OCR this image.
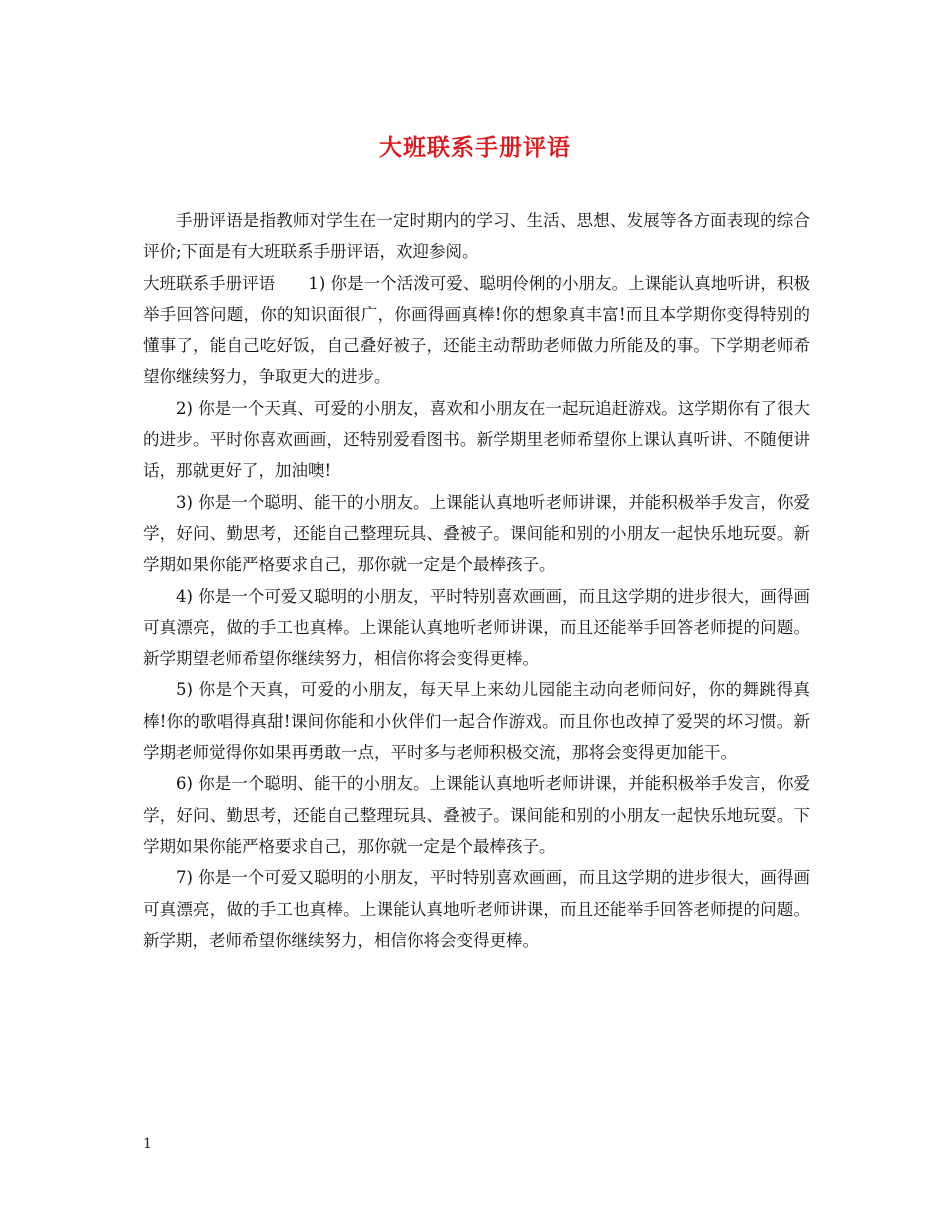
大班联系手册评语

手册评语是指教师对学生在一定时期内的学习、生活、思想、发展等各方面表现的综合评价;下面是有大班联系手册评语，欢迎参阅。

大班联系手册评语　　1) 你是一个活泼可爱、聪明伶俐的小朋友。上课能认真地听讲，积极举手回答问题，你的知识面很广，你画得画真棒!你的想象真丰富!而且本学期你变得特别的懂事了，能自己吃好饭，自己叠好被子，还能主动帮助老师做力所能及的事。下学期老师希望你继续努力，争取更大的进步。

2) 你是一个天真、可爱的小朋友，喜欢和小朋友在一起玩追赶游戏。这学期你有了很大的进步。平时你喜欢画画，还特别爱看图书。新学期里老师希望你上课认真听讲、不随便讲话，那就更好了，加油噢!

3) 你是一个聪明、能干的小朋友。上课能认真地听老师讲课，并能积极举手发言，你爱学，好问、勤思考，还能自己整理玩具、叠被子。课间能和别的小朋友一起快乐地玩耍。新学期如果你能严格要求自己，那你就一定是个最棒孩子。

4) 你是一个可爱又聪明的小朋友，平时特别喜欢画画，而且这学期的进步很大，画得画可真漂亮，做的手工也真棒。上课能认真地听老师讲课，而且还能举手回答老师提的问题。新学期望老师希望你继续努力，相信你将会变得更棒。

5) 你是个天真，可爱的小朋友，每天早上来幼儿园能主动向老师问好，你的舞跳得真棒!你的歌唱得真甜!课间你能和小伙伴们一起合作游戏。而且你也改掉了爱哭的坏习惯。新学期老师觉得你如果再勇敢一点，平时多与老师积极交流，那将会变得更加能干。

6) 你是一个聪明、能干的小朋友。上课能认真地听老师讲课，并能积极举手发言，你爱学，好问、勤思考，还能自己整理玩具、叠被子。课间能和别的小朋友一起快乐地玩耍。下学期如果你能严格要求自己，那你就一定是个最棒孩子。

7) 你是一个可爱又聪明的小朋友，平时特别喜欢画画，而且这学期的进步很大，画得画可真漂亮，做的手工也真棒。上课能认真地听老师讲课，而且还能举手回答老师提的问题。新学期，老师希望你继续努力，相信你将会变得更棒。

1
